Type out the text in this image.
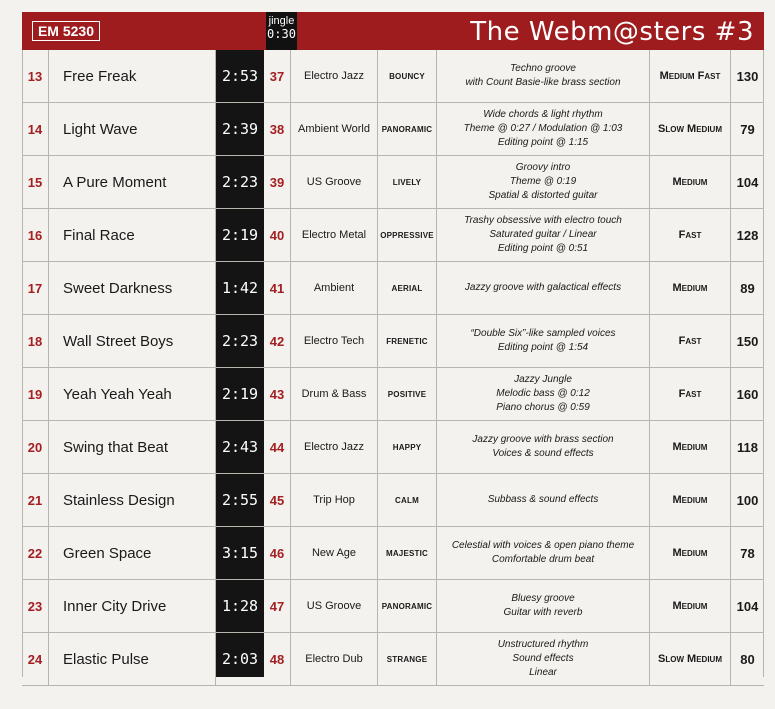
EM 5230
jingle
0:30	The Webm@sters #3
13	Free Freak	2:53 37	Electro Jazz	BOUNCY
Techno groove
with Count Basie-like brass section
Medium Fast	130
14	Light Wave	2:39 38	Ambient World	PANORAMIC
Wide chords & light rhythm
Theme @ 0:27 / Modulation @ 1:03
Editing point @ 1:15
Slow Medium	79
15	A Pure Moment	2:23 39	US Groove	LIVELY
Groovy intro
Theme @ 0:19
Spatial & distorted guitar
Medium	104
16	Final Race	2:19 40	Electro Metal	OPPRESSIVE
Trashy obsessive with electro touch
Saturated guitar / Linear
Editing point @ 0:51
Fast	128
17	Sweet Darkness	1:42 41	Ambient	AERIAL	Jazzy groove with galactical effects	Medium	89
18	Wall Street Boys	2:23 42	Electro Tech	FRENETIC
“Double Six”-like sampled voices
Editing point @ 1:54
Fast	150
19	Yeah Yeah Yeah	2:19 43	Drum & Bass	POSITIVE
Jazzy Jungle
Melodic bass @ 0:12
Piano chorus @ 0:59
Fast	160
20	Swing that Beat	2:43 44	Electro Jazz	HAPPY
Jazzy groove with brass section
Voices & sound effects
Medium	118
21	Stainless Design	2:55 45	Trip Hop	CALM	Subbass & sound effects	Medium	100
22	Green Space	3:15 46	New Age	MAJESTIC
Celestial with voices & open piano theme
Comfortable drum beat
Medium	78
23	Inner City Drive	1:28 47	US Groove	PANORAMIC
Bluesy groove
Guitar with reverb
Medium	104
24	Elastic Pulse	2:03 48	Electro Dub	STRANGE
Unstructured rhythm
Sound effects
Linear
Slow Medium	80
